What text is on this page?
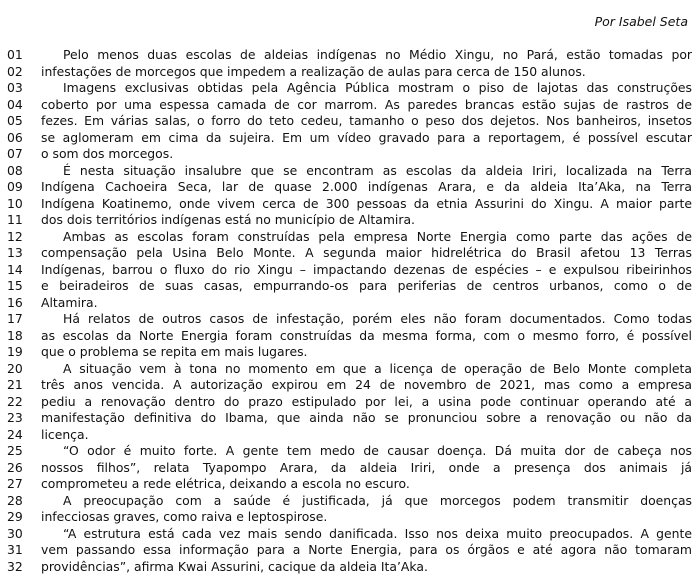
Por Isabel Seta
01	Pelo menos duas escolas de aldeias indígenas no Médio Xingu, no Pará, estão tomadas por
02	infestações de morcegos que impedem a realização de aulas para cerca de 150 alunos.
03	Imagens exclusivas obtidas pela Agência Pública mostram o piso de lajotas das construções
04	coberto por uma espessa camada de cor marrom. As paredes brancas estão sujas de rastros de
05	fezes. Em várias salas, o forro do teto cedeu, tamanho o peso dos dejetos. Nos banheiros, insetos
06	se aglomeram em cima da sujeira. Em um vídeo gravado para a reportagem, é possível escutar
07	o som dos morcegos.
08	É nesta situação insalubre que se encontram as escolas da aldeia Iriri, localizada na Terra
09	Indígena Cachoeira Seca, lar de quase 2.000 indígenas Arara, e da aldeia Ita’Aka, na Terra
10	Indígena Koatinemo, onde vivem cerca de 300 pessoas da etnia Assurini do Xingu. A maior parte
11	dos dois territórios indígenas está no município de Altamira.
12	Ambas as escolas foram construídas pela empresa Norte Energia como parte das ações de
13	compensação pela Usina Belo Monte. A segunda maior hidrelétrica do Brasil afetou 13 Terras
14	Indígenas, barrou o fluxo do rio Xingu – impactando dezenas de espécies – e expulsou ribeirinhos
15	e beiradeiros de suas casas, empurrando-os para periferias de centros urbanos, como o de
16	Altamira.
17	Há relatos de outros casos de infestação, porém eles não foram documentados. Como todas
18	as escolas da Norte Energia foram construídas da mesma forma, com o mesmo forro, é possível
19	que o problema se repita em mais lugares.
20	A situação vem à tona no momento em que a licença de operação de Belo Monte completa
21	três anos vencida. A autorização expirou em 24 de novembro de 2021, mas como a empresa
22	pediu a renovação dentro do prazo estipulado por lei, a usina pode continuar operando até a
23	manifestação definitiva do Ibama, que ainda não se pronunciou sobre a renovação ou não da
24	licença.
25	“O odor é muito forte. A gente tem medo de causar doença. Dá muita dor de cabeça nos
26	nossos filhos”, relata Tyapompo Arara, da aldeia Iriri, onde a presença dos animais já
27	comprometeu a rede elétrica, deixando a escola no escuro.
28	A preocupação com a saúde é justificada, já que morcegos podem transmitir doenças
29	infecciosas graves, como raiva e leptospirose.
30	“A estrutura está cada vez mais sendo danificada. Isso nos deixa muito preocupados. A gente
31	vem passando essa informação para a Norte Energia, para os órgãos e até agora não tomaram
32	providências”, afirma Kwai Assurini, cacique da aldeia Ita’Aka.
